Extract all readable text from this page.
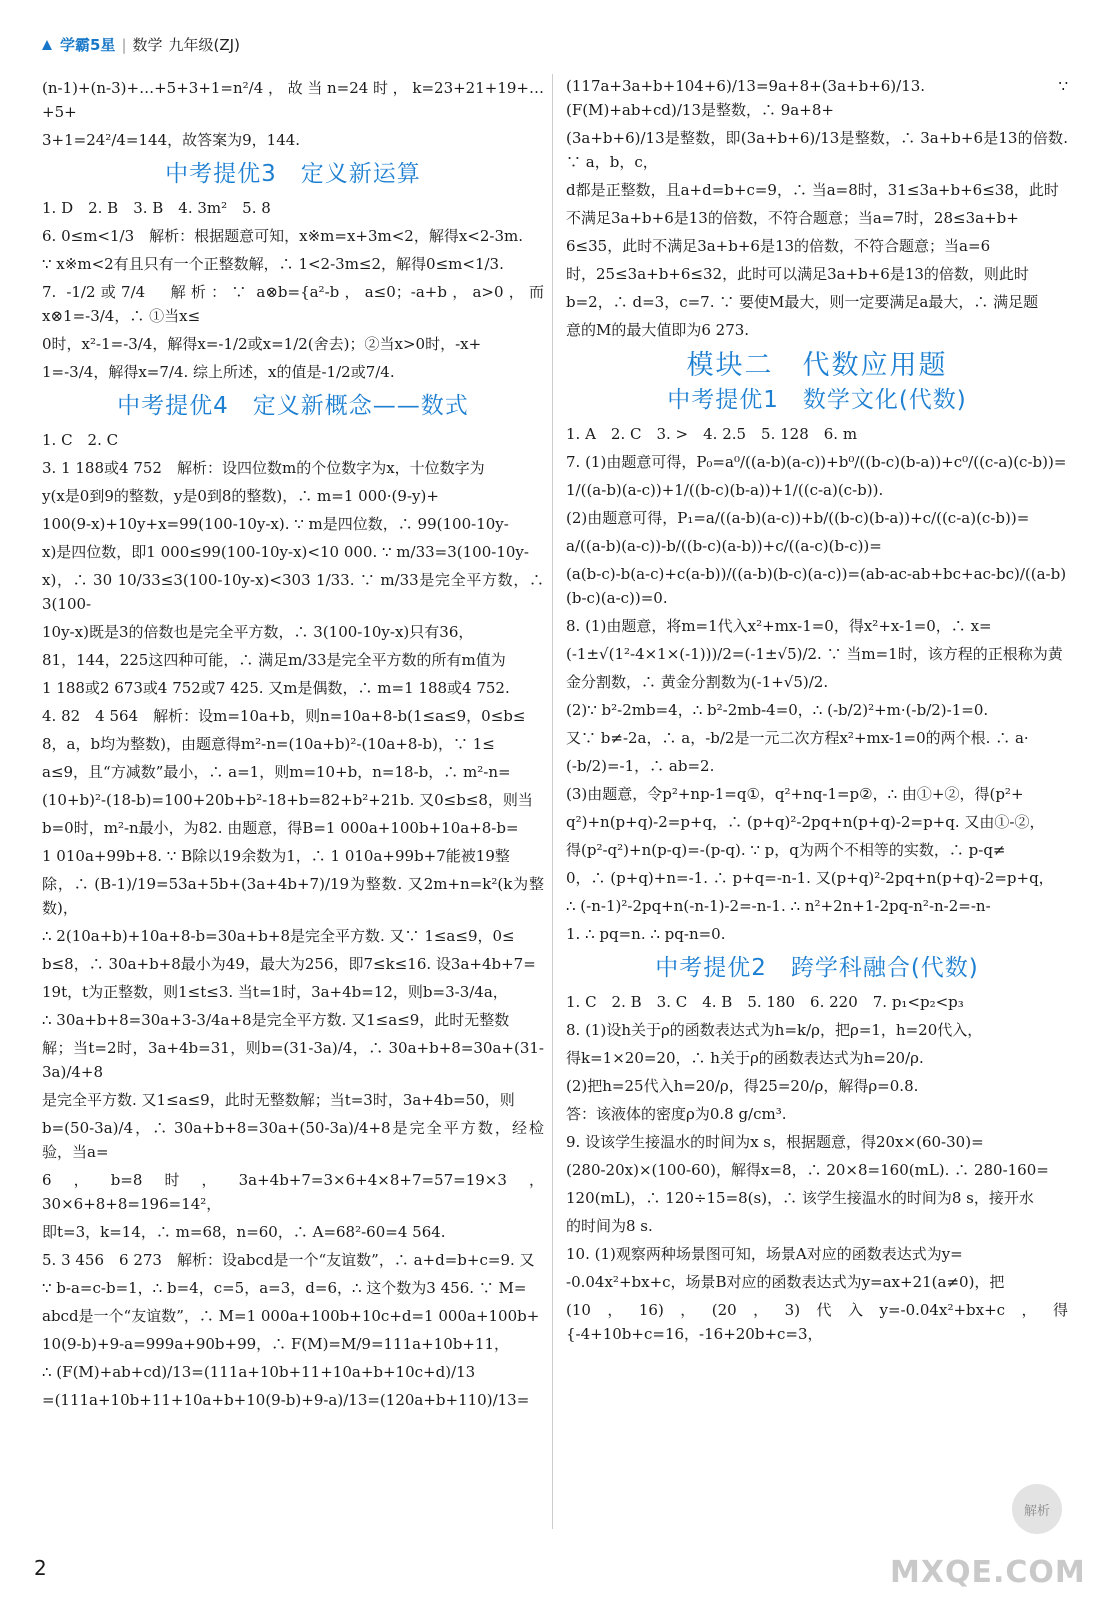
学霸5星 | 数学 九年级(ZJ)

(n-1)+(n-3)+…+5+3+1=n²/4，故当n=24时，k=23+21+19+…+5+

3+1=24²/4=144，故答案为9，144.

中考提优3　定义新运算

1. D　2. B　3. B　4. 3m²　5. 8

6. 0≤m<1/3　解析：根据题意可知，x※m=x+3m<2，解得x<2-3m.

∵ x※m<2有且只有一个正整数解，∴ 1<2-3m≤2，解得0≤m<1/3.

7. -1/2或7/4　解析：∵ a⊗b={a²-b，a≤0；-a+b，a>0，而x⊗1=-3/4，∴ ①当x≤

0时，x²-1=-3/4，解得x=-1/2或x=1/2(舍去)；②当x>0时，-x+

1=-3/4，解得x=7/4. 综上所述，x的值是-1/2或7/4.

中考提优4　定义新概念——数式

1. C　2. C

3. 1 188或4 752　解析：设四位数m的个位数字为x，十位数字为

y(x是0到9的整数，y是0到8的整数)，∴ m=1 000·(9-y)+

100(9-x)+10y+x=99(100-10y-x). ∵ m是四位数，∴ 99(100-10y-

x)是四位数，即1 000≤99(100-10y-x)<10 000. ∵ m/33=3(100-10y-

x)，∴ 30 10/33≤3(100-10y-x)<303 1/33. ∵ m/33是完全平方数，∴ 3(100-

10y-x)既是3的倍数也是完全平方数，∴ 3(100-10y-x)只有36，

81，144，225这四种可能，∴ 满足m/33是完全平方数的所有m值为

1 188或2 673或4 752或7 425. 又m是偶数，∴ m=1 188或4 752.

4. 82　4 564　解析：设m=10a+b，则n=10a+8-b(1≤a≤9，0≤b≤

8，a，b均为整数)，由题意得m²-n=(10a+b)²-(10a+8-b)，∵ 1≤

a≤9，且“方减数”最小，∴ a=1，则m=10+b，n=18-b，∴ m²-n=

(10+b)²-(18-b)=100+20b+b²-18+b=82+b²+21b. 又0≤b≤8，则当

b=0时，m²-n最小，为82. 由题意，得B=1 000a+100b+10a+8-b=

1 010a+99b+8. ∵ B除以19余数为1，∴ 1 010a+99b+7能被19整

除，∴ (B-1)/19=53a+5b+(3a+4b+7)/19为整数. 又2m+n=k²(k为整数)，

∴ 2(10a+b)+10a+8-b=30a+b+8是完全平方数. 又∵ 1≤a≤9，0≤

b≤8，∴ 30a+b+8最小为49，最大为256，即7≤k≤16. 设3a+4b+7=

19t，t为正整数，则1≤t≤3. 当t=1时，3a+4b=12，则b=3-3/4a，

∴ 30a+b+8=30a+3-3/4a+8是完全平方数. 又1≤a≤9，此时无整数

解；当t=2时，3a+4b=31，则b=(31-3a)/4，∴ 30a+b+8=30a+(31-3a)/4+8

是完全平方数. 又1≤a≤9，此时无整数解；当t=3时，3a+4b=50，则

b=(50-3a)/4，∴ 30a+b+8=30a+(50-3a)/4+8是完全平方数，经检验，当a=

6，b=8时，3a+4b+7=3×6+4×8+7=57=19×3，30×6+8+8=196=14²，

即t=3，k=14，∴ m=68，n=60，∴ A=68²-60=4 564.

5. 3 456　6 273　解析：设abcd是一个“友谊数”，∴ a+d=b+c=9. 又

∵ b-a=c-b=1，∴ b=4，c=5，a=3，d=6，∴ 这个数为3 456. ∵ M=

abcd是一个“友谊数”，∴ M=1 000a+100b+10c+d=1 000a+100b+

10(9-b)+9-a=999a+90b+99，∴ F(M)=M/9=111a+10b+11，

∴ (F(M)+ab+cd)/13=(111a+10b+11+10a+b+10c+d)/13

=(111a+10b+11+10a+b+10(9-b)+9-a)/13=(120a+b+110)/13=

(117a+3a+b+104+6)/13=9a+8+(3a+b+6)/13. ∵ (F(M)+ab+cd)/13是整数，∴ 9a+8+

(3a+b+6)/13是整数，即(3a+b+6)/13是整数，∴ 3a+b+6是13的倍数. ∵ a，b，c，

d都是正整数，且a+d=b+c=9，∴ 当a=8时，31≤3a+b+6≤38，此时

不满足3a+b+6是13的倍数，不符合题意；当a=7时，28≤3a+b+

6≤35，此时不满足3a+b+6是13的倍数，不符合题意；当a=6

时，25≤3a+b+6≤32，此时可以满足3a+b+6是13的倍数，则此时

b=2，∴ d=3，c=7. ∵ 要使M最大，则一定要满足a最大，∴ 满足题

意的M的最大值即为6 273.

模块二　代数应用题
中考提优1　数学文化(代数)

1. A　2. C　3. >　4. 2.5　5. 128　6. m

7. (1)由题意可得，P₀=a⁰/((a-b)(a-c))+b⁰/((b-c)(b-a))+c⁰/((c-a)(c-b))=

1/((a-b)(a-c))+1/((b-c)(b-a))+1/((c-a)(c-b)).

(2)由题意可得，P₁=a/((a-b)(a-c))+b/((b-c)(b-a))+c/((c-a)(c-b))=

a/((a-b)(a-c))-b/((b-c)(a-b))+c/((a-c)(b-c))=

(a(b-c)-b(a-c)+c(a-b))/((a-b)(b-c)(a-c))=(ab-ac-ab+bc+ac-bc)/((a-b)(b-c)(a-c))=0.

8. (1)由题意，将m=1代入x²+mx-1=0，得x²+x-1=0，∴ x=

(-1±√(1²-4×1×(-1)))/2=(-1±√5)/2. ∵ 当m=1时，该方程的正根称为黄

金分割数，∴ 黄金分割数为(-1+√5)/2.

(2)∵ b²-2mb=4，∴ b²-2mb-4=0，∴ (-b/2)²+m·(-b/2)-1=0.

又∵ b≠-2a，∴ a，-b/2是一元二次方程x²+mx-1=0的两个根. ∴ a·

(-b/2)=-1，∴ ab=2.

(3)由题意，令p²+np-1=q①，q²+nq-1=p②，∴ 由①+②，得(p²+

q²)+n(p+q)-2=p+q，∴ (p+q)²-2pq+n(p+q)-2=p+q. 又由①-②，

得(p²-q²)+n(p-q)=-(p-q). ∵ p，q为两个不相等的实数，∴ p-q≠

0，∴ (p+q)+n=-1. ∴ p+q=-n-1. 又(p+q)²-2pq+n(p+q)-2=p+q，

∴ (-n-1)²-2pq+n(-n-1)-2=-n-1. ∴ n²+2n+1-2pq-n²-n-2=-n-

1. ∴ pq=n. ∴ pq-n=0.

中考提优2　跨学科融合(代数)

1. C　2. B　3. C　4. B　5. 180　6. 220　7. p₁<p₂<p₃

8. (1)设h关于ρ的函数表达式为h=k/ρ，把ρ=1，h=20代入，

得k=1×20=20，∴ h关于ρ的函数表达式为h=20/ρ.

(2)把h=25代入h=20/ρ，得25=20/ρ，解得ρ=0.8.

答：该液体的密度ρ为0.8 g/cm³.

9. 设该学生接温水的时间为x s，根据题意，得20x×(60-30)=

(280-20x)×(100-60)，解得x=8，∴ 20×8=160(mL). ∴ 280-160=

120(mL)，∴ 120÷15=8(s)，∴ 该学生接温水的时间为8 s，接开水

的时间为8 s.

10. (1)观察两种场景图可知，场景A对应的函数表达式为y=

-0.04x²+bx+c，场景B对应的函数表达式为y=ax+21(a≠0)，把

(10，16)，(20，3)代入y=-0.04x²+bx+c，得{-4+10b+c=16，-16+20b+c=3，

2
解析
MXQE.COM
